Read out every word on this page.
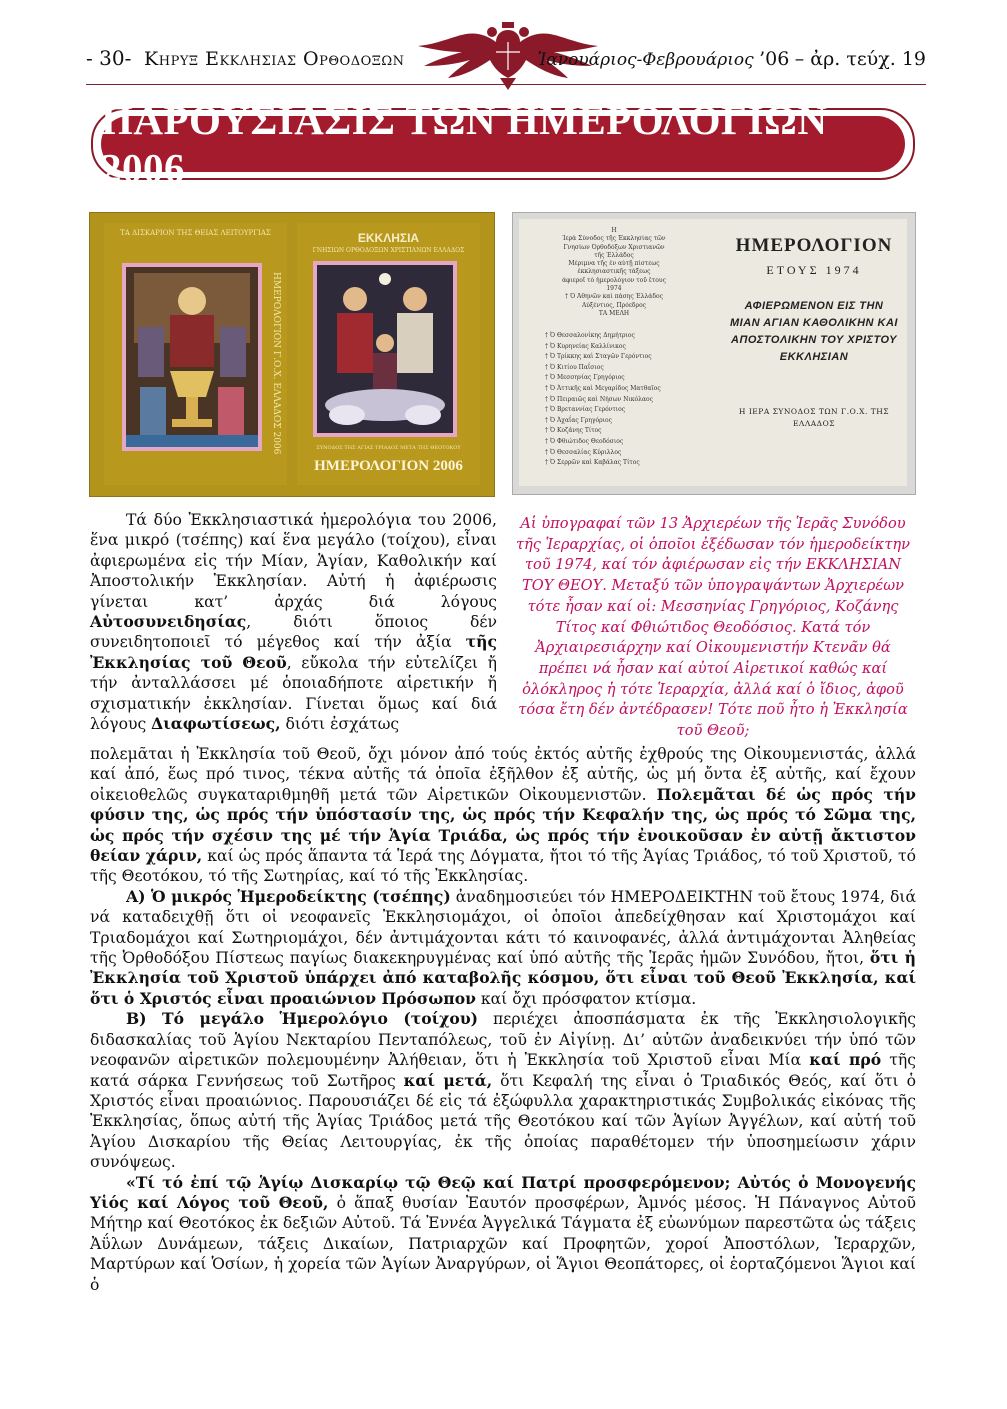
- 30- Κηρυξ Εκκλησιας Ορθοδοξων	Ἰανουάριος-Φεβρουάριος ’06 – ἀρ. τεύχ. 19
ΠΑΡΟΥΣΙΑΣΙΣ ΤΩΝ ΗΜΕΡΟΛΟΓΙΩΝ 2006
ΤΑ ΔΙΣΚΑΡΙΟΝ ΤΗΣ ΘΕΙΑΣ ΛΕΙΤΟΥΡΓΙΑΣ
ΗΜΕΡΟΛΟΓΙΟΝ Γ.Ο.Χ. ΕΛΛΑΔΟΣ 2006
ΕΚΚΛΗΣΙΑ
ΓΝΗΣΙΩΝ ΟΡΘΟΔΟΞΩΝ ΧΡΙΣΤΙΑΝΩΝ ΕΛΛΑΔΟΣ
ΣΥΝΟΔΟΣ ΤΗΣ ΑΓΙΑΣ ΤΡΙΑΔΟΣ ΜΕΤΑ ΤΗΣ ΘΕΟΤΟΚΟΥ
ΗΜΕΡΟΛΟΓΙΟΝ 2006
Η
Ἱερὰ Σύνοδος τῆς Ἐκκλησίας τῶν
Γνησίων Ὀρθοδόξων Χριστιανῶν
τῆς Ἑλλάδος
Μέριμνα τῆς ἐν αὐτῇ πίστεως
ἐκκλησιαστικῆς τάξεως
ἀφιεροῖ τὸ ἡμερολόγιον τοῦ ἔτους
1974
† Ὁ Ἀθηνῶν καὶ πάσης Ἑλλάδος
Αὐξέντιος, Πρόεδρος
ΤΑ ΜΕΛΗ
† Ὁ Θεσσαλονίκης Δημήτριος
† Ὁ Κυρηνείας Καλλίνικος
† Ὁ Τρίκκης καὶ Σταγῶν Γερόντιος
† Ὁ Κιτίου Παΐσιος
† Ὁ Μεσσηνίας Γρηγόριος
† Ὁ Ἀττικῆς καὶ Μεγαρίδος Ματθαῖος
† Ὁ Πειραιῶς καὶ Νήσων Νικόλαος
† Ὁ Βρεταννίας Γερόντιος
† Ὁ Ἀχαΐας Γρηγόριος
† Ὁ Κοζάνης Τίτος
† Ὁ Φθιώτιδος Θεοδόσιος
† Ὁ Θεσσαλίας Κύριλλος
† Ὁ Σερρῶν καὶ Καβάλας Τίτος
ΗΜΕΡΟΛΟΓΙΟΝ
ΕΤΟΥΣ 1974
ΑΦΙΕΡΩΜΕΝΟΝ ΕΙΣ ΤΗΝ ΜΙΑΝ ΑΓΙΑΝ ΚΑΘΟΛΙΚΗΝ ΚΑΙ ΑΠΟΣΤΟΛΙΚΗΝ ΤΟΥ ΧΡΙΣΤΟΥ ΕΚΚΛΗΣΙΑΝ
Η ΙΕΡΑ ΣΥΝΟΔΟΣ ΤΩΝ Γ.Ο.Χ. ΤΗΣ ΕΛΛΑΔΟΣ
Αἱ ὑπογραφαί τῶν 13 Ἀρχιερέων τῆς Ἱερᾶς Συνόδου τῆς Ἱεραρχίας, οἱ ὁποῖοι ἐξέδωσαν τόν ἡμεροδείκτην τοῦ 1974, καί τόν ἀφιέρωσαν εἰς τήν ΕΚΚΛΗΣΙΑΝ ΤΟΥ ΘΕΟΥ. Μεταξύ τῶν ὑπογραψάντων Ἀρχιερέων τότε ἦσαν καί οἱ: Μεσσηνίας Γρηγόριος, Κοζάνης Τίτος καί Φθιώτιδος Θεοδόσιος. Κατά τόν Ἀρχιαιρεσιάρχην καί Οἰκουμενιστήν Κτενᾶν θά πρέπει νά ἦσαν καί αὐτοί Αἱρετικοί καθώς καί ὁλόκληρος ἡ τότε Ἱεραρχία, ἀλλά καί ὁ ἴδιος, ἀφοῦ τόσα ἔτη δέν ἀντέδρασεν! Τότε ποῦ ἦτο ἡ Ἐκκλησία τοῦ Θεοῦ;

Τά δύο Ἐκκλησιαστικά ἡμερολόγια του 2006, ἕνα μικρό (τσέπης) καί ἕνα μεγάλο (τοίχου), εἶναι ἀφιερωμένα εἰς τήν Μίαν, Ἁγίαν, Καθολικήν καί Ἀποστολικήν Ἐκκλησίαν. Αὐτή ἡ ἀφιέρωσις γίνεται κατ’ ἀρχάς διά λόγους Αὐτοσυνειδησίας, διότι ὅποιος δέν συνειδητοποιεῖ τό μέγεθος καί τήν ἀξία τῆς Ἐκκλησίας τοῦ Θεοῦ, εὔκολα τήν εὐτελίζει ἤ τήν ἀνταλλάσσει μέ ὁποιαδήποτε αἱρετικήν ἤ σχισματικήν ἐκκλησίαν. Γίνεται ὅμως καί διά λόγους Διαφωτίσεως, διότι ἐσχάτως

πολεμᾶται ἡ Ἐκκλησία τοῦ Θεοῦ, ὄχι μόνον ἀπό τούς ἐκτός αὐτῆς ἐχθρούς της Οἰκουμενιστάς, ἀλλά καί ἀπό, ἕως πρό τινος, τέκνα αὐτῆς τά ὁποῖα ἐξῆλθον ἐξ αὐτῆς, ὡς μή ὄντα ἐξ αὐτῆς, καί ἔχουν οἰκειοθελῶς συγκαταριθμηθῆ μετά τῶν Αἱρετικῶν Οἰκουμενιστῶν. Πολεμᾶται δέ ὡς πρός τήν φύσιν της, ὡς πρός τήν ὑπόστασίν της, ὡς πρός τήν Κεφαλήν της, ὡς πρός τό Σῶμα της, ὡς πρός τήν σχέσιν της μέ τήν Ἁγία Τριάδα, ὡς πρός τήν ἐνοικοῦσαν ἐν αὐτῇ ἄκτιστον θείαν χάριν, καί ὡς πρός ἅπαντα τά Ἱερά της Δόγματα, ἤτοι τό τῆς Ἁγίας Τριάδος, τό τοῦ Χριστοῦ, τό τῆς Θεοτόκου, τό τῆς Σωτηρίας, καί τό τῆς Ἐκκλησίας.

Α) Ὁ μικρός Ἡμεροδείκτης (τσέπης) ἀναδημοσιεύει τόν ΗΜΕΡΟΔΕΙΚΤΗΝ τοῦ ἔτους 1974, διά νά καταδειχθῇ ὅτι οἱ νεοφανεῖς Ἐκκλησιομάχοι, οἱ ὁποῖοι ἀπεδείχθησαν καί Χριστομάχοι καί Τριαδομάχοι καί Σωτηριομάχοι, δέν ἀντιμάχονται κάτι τό καινοφανές, ἀλλά ἀντιμάχονται Ἀληθείας τῆς Ὀρθοδόξου Πίστεως παγίως διακεκηρυγμένας καί ὑπό αὐτῆς τῆς Ἱερᾶς ἡμῶν Συνόδου, ἤτοι, ὅτι ἡ Ἐκκλησία τοῦ Χριστοῦ ὑπάρχει ἀπό καταβολῆς κόσμου, ὅτι εἶναι τοῦ Θεοῦ Ἐκκλησία, καί ὅτι ὁ Χριστός εἶναι προαιώνιον Πρόσωπον καί ὄχι πρόσφατον κτίσμα.

Β) Τό μεγάλο Ἡμερολόγιο (τοίχου) περιέχει ἀποσπάσματα ἐκ τῆς Ἐκκλησιολογικῆς διδασκαλίας τοῦ Ἁγίου Νεκταρίου Πενταπόλεως, τοῦ ἐν Αἰγίνῃ. Δι’ αὐτῶν ἀναδεικνύει τήν ὑπό τῶν νεοφανῶν αἱρετικῶν πολεμουμένην Ἀλήθειαν, ὅτι ἡ Ἐκκλησία τοῦ Χριστοῦ εἶναι Μία καί πρό τῆς κατά σάρκα Γεννήσεως τοῦ Σωτῆρος καί μετά, ὅτι Κεφαλή της εἶναι ὁ Τριαδικός Θεός, καί ὅτι ὁ Χριστός εἶναι προαιώνιος. Παρουσιάζει δέ εἰς τά ἐξώφυλλα χαρακτηριστικάς Συμβολικάς εἰκόνας τῆς Ἐκκλησίας, ὅπως αὐτή τῆς Ἁγίας Τριάδος μετά τῆς Θεοτόκου καί τῶν Ἁγίων Ἀγγέλων, καί αὐτή τοῦ Ἁγίου Δισκαρίου τῆς Θείας Λειτουργίας, ἐκ τῆς ὁποίας παραθέτομεν τήν ὑποσημείωσιν χάριν συνόψεως.

«Τί τό ἐπί τῷ Ἁγίῳ Δισκαρίῳ τῷ Θεῷ καί Πατρί προσφερόμενον; Αὐτός ὁ Μονογενής Υἱός καί Λόγος τοῦ Θεοῦ, ὁ ἅπαξ θυσίαν Ἑαυτόν προσφέρων, Ἀμνός μέσος. Ἡ Πάναγνος Αὐτοῦ Μήτηρ καί Θεοτόκος ἐκ δεξιῶν Αὐτοῦ. Τά Ἐννέα Ἀγγελικά Τάγματα ἐξ εὐωνύμων παρεστῶτα ὡς τάξεις Ἀΰλων Δυνάμεων, τάξεις Δικαίων, Πατριαρχῶν καί Προφητῶν, χοροί Ἀποστόλων, Ἱεραρχῶν, Μαρτύρων καί Ὁσίων, ἡ χορεία τῶν Ἁγίων Ἀναργύρων, οἱ Ἅγιοι Θεοπάτορες, οἱ ἑορταζόμενοι Ἅγιοι καί ὁ
